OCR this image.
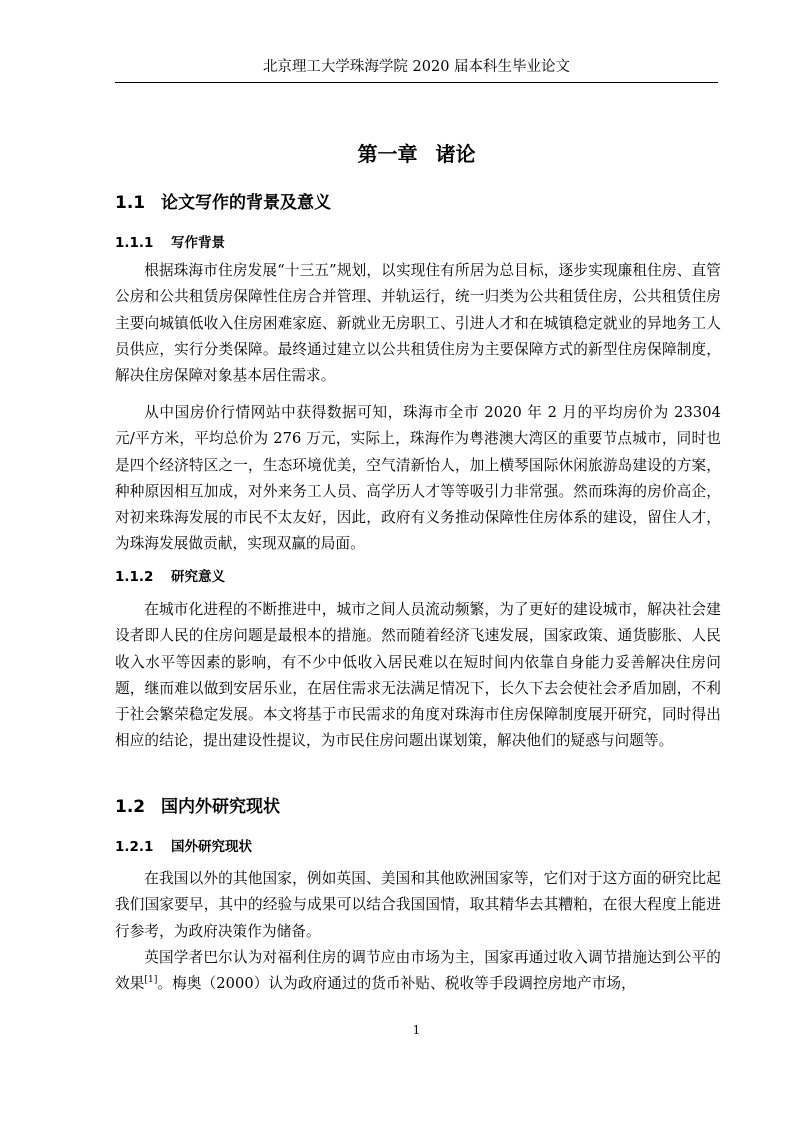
北京理工大学珠海学院 2020 届本科生毕业论文
第一章 诸论
1.1 论文写作的背景及意义
1.1.1 写作背景

根据珠海市住房发展“十三五”规划，以实现住有所居为总目标，逐步实现廉租住房、直管公房和公共租赁房保障性住房合并管理、并轨运行，统一归类为公共租赁住房，公共租赁住房主要向城镇低收入住房困难家庭、新就业无房职工、引进人才和在城镇稳定就业的异地务工人员供应，实行分类保障。最终通过建立以公共租赁住房为主要保障方式的新型住房保障制度，解决住房保障对象基本居住需求。

从中国房价行情网站中获得数据可知，珠海市全市 2020 年 2 月的平均房价为 23304 元/平方米，平均总价为 276 万元，实际上，珠海作为粤港澳大湾区的重要节点城市，同时也是四个经济特区之一，生态环境优美，空气清新怡人，加上横琴国际休闲旅游岛建设的方案，种种原因相互加成，对外来务工人员、高学历人才等等吸引力非常强。然而珠海的房价高企，对初来珠海发展的市民不太友好，因此，政府有义务推动保障性住房体系的建设，留住人才，为珠海发展做贡献，实现双赢的局面。

1.1.2 研究意义

在城市化进程的不断推进中，城市之间人员流动频繁，为了更好的建设城市，解决社会建设者即人民的住房问题是最根本的措施。然而随着经济飞速发展，国家政策、通货膨胀、人民收入水平等因素的影响，有不少中低收入居民难以在短时间内依靠自身能力妥善解决住房问题，继而难以做到安居乐业，在居住需求无法满足情况下，长久下去会使社会矛盾加剧，不利于社会繁荣稳定发展。本文将基于市民需求的角度对珠海市住房保障制度展开研究，同时得出相应的结论，提出建设性提议，为市民住房问题出谋划策，解决他们的疑惑与问题等。

1.2 国内外研究现状
1.2.1 国外研究现状

在我国以外的其他国家，例如英国、美国和其他欧洲国家等，它们对于这方面的研究比起我们国家要早，其中的经验与成果可以结合我国国情，取其精华去其糟粕，在很大程度上能进行参考，为政府决策作为储备。

英国学者巴尔认为对福利住房的调节应由市场为主，国家再通过收入调节措施达到公平的效果[1]。梅奥（2000）认为政府通过的货币补贴、税收等手段调控房地产市场，

1
